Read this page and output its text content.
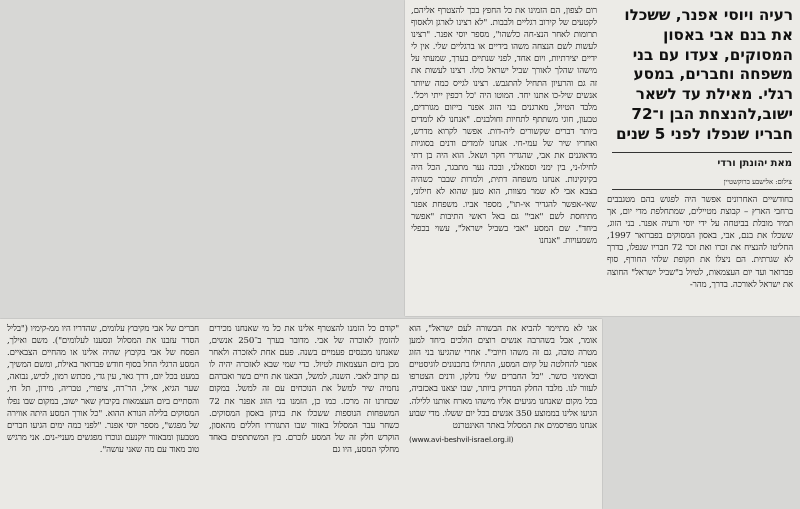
רעיה ויוסי אפנר, ששכלו את בנם אבי באסון המסוקים, צעדו עם בני משפחה וחברים, במסע רגלי. מאילת עד לשאר ישוב,להנצחת הבן ו־72 חבריו שנפלו לפני 5 שנים
מאת יהונתן ורדי
צילום: אלישבע ברוקשטיין

בחודשיים האחרונים אפשר היה לפגוש בהם מטגבבים ברחבי הארץ – קבוצת מטיילים, שמתחלפת מדי יום, אך תמיד מובלת בביטחה על ידי יוסי ורעיה אפנר. בני הזוג, ששכלו את בנם, אבי, באסון המסוקים בפברואר 1997, החליטו להנציח את זכרו ואת זכר 72 חבריו שנפלו, בדרך לא שגרתית. הם ניצלו את תקופת שלהי החורף, סוף פברואר ועד יום העצמאות, לטיול ב"שביל ישראל" החוצה את ישראל לאורכה. בדרך, מהר-

רום לצפון, הם הזמינו את כל החפץ בכך להצטרף אליהם, לקטעים של קירוב רגליים ולבבות. "לא רצינו לארגן ולאסוף תרומות לאחר הנצ-חה כלשהו", מספר יוסי אפנר. "רצינו לעשות לשם הנצחה משהו בידיים או ברגליים שלי. אין לי ידיים יצירתיות, ויום אחד, לפני שנתיים בערך, שמעתי על מישהו שהלך לאורך שביל ישראל כולו. רצינו לעשות את זה גם והרעיון התחיל להתגבש. רצינו לגייס כמה שיותר אנשים שיל-כו אתנו יחד. המוטו היה 'כל רכפין ייתי ויכל'. מלבד הטיול, מארגנים בני הזוג אפנר בייזום מגורדים, טבעון, חוגי משתתף לתחיות וחולבנים. "אנחנו לא לומדים ביותר דברים שקשורים ליה-דות. אפשר לקרוא מדרש, ואחריו שיר של עמי-חי. אנחנו לומדים ודנים בסוגיות מדאוגנים את אבי, שהגדיר חקר ושאל. הוא היה בן דתי לחילו-ני, בין ימני וסמאלני, ובכה נער מתבגר, הכל היה בקינקינות. אנחנו משפחה דתית, ולמרות שבבר כשהיה בצבא אבי לא שמר מצוות, הוא טען שהוא לא חילוני, שאי-אפשר להגדיר אי-תו", מספר אביו. משפחת אפנר מתיחסת לשם "אבי" גם באל ראשי התיבות "אפשר ביחד". שם המסע "אבי בשביל ישראל", עשוי בכפלי משמעויות. "אנחנו

אני לא מתיימר להביא את הבשורה לעם ישראל", הוא אומר, אבל בשהרבה אנשים רוצים הולכים ביחד למען מטרה טובה, גם זה משהו חיובי". אחרי שהגיעו בני הזוג אפנר להחלטה על קיום המסע, התחילו בתכנונים לוגיסטיים ובאימוני כושר. "כל החברים שלי נדלקו, ודנים הצטרפו לעזור לנו. מלבד החלק המדויק ביותר, שבו יצאנו באכזביה, בכל מקום שאנחנו מגיעים אליו מישהו מארח אותנו ללילה. הגיעו אלינו בממוצע 350 אנשים בכל יום ששלו. מדי שבוע אנחנו מפרסמים את המסלול באתר האינטרנט

(www.avi-beshvil-israel.org.il)

"קודם כל הזמנו להצטרף אלינו את כל מי שאנחנו מכירים להזמין לאוכרה של אבי. מדובר בערך ב־250 אנשים, שאנחנו מכנסים פעמיים בשנה. פעם אחת לאזכרה ולאחר מכן ביום העצמאות לטיול. כדי שמי שבא לאזכרה יהיה לו גם קרוב לאבי. השנה, למשל, הבאנו את חיים בשר ואברהם נחמיה שיר למשל את הנוכחים עם זה למשל. במקום שבחרנו זה מרכז. כמו כן, הזמנו בני הזוג אפנר את 72 המשפחות הנוספות ששכלו את בניהן באסון המסוקים. כשחר עבר המסלול באזור שבו התגוררו חללים מהאסון, הוקרש חלק זה של המסע לזכרם. בין המשתתפים באחד מחלקי המסע, היו גם

חברים של אבי מקיבוץ עלומים, שהדריו היו ממ-קימיו ("בליל הסדר עזבנו את המסלול ונסענו לעלומים"). משם ואילך, הפסח של אבי בקיבוץ שהיה אלינו או מהחיים הצבאיים. המסע הרגלי החל בסוף חודש פברואר באילת, ומשם המשיך, במעט בכל יום, דרך גאר, עין גדי, מכתש רמון, לכיש, נבואה, שער הגיא, אייל, הר־רה, ציפורי, טבריה, מירון, תל חי, והסתיים ביום העצמאות בקיבוץ שאר ישוב, במקום שבו נפלו המסוקים בלילה הנורא ההוא. "כל אורך המסע היתה אווירה של מפגש", מספר יוסי אפנר. "לפני כמה ימים הגיעו חברים מטבעון ומבאזור יוקנעם ונוכרו מפגשים מעניי-נים. אני מרגיש טוב מאוד עם מה שאני עושה".
